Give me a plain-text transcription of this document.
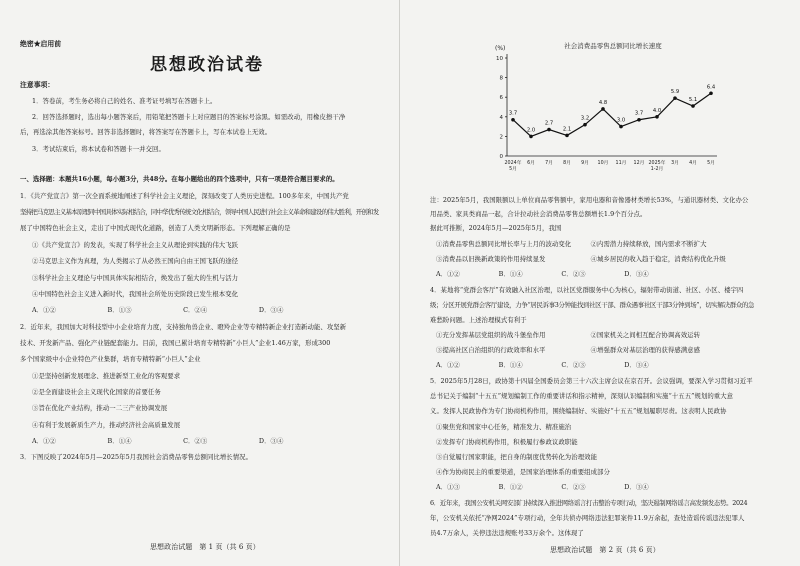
绝密★启用前
思想政治试卷
注意事项：
1．答卷前，考生务必将自己的姓名、准考证号填写在答题卡上。
2．回答选择题时，选出每小题答案后，用铅笔把答题卡上对应题目的答案标号涂黑。如需改动，用橡皮擦干净
后，再选涂其他答案标号。回答非选择题时，将答案写在答题卡上，写在本试卷上无效。
3．考试结束后，将本试卷和答题卡一并交回。
一、选择题：本题共16小题，每小题3分，共48分。在每小题给出的四个选项中，只有一项是符合题目要求的。
1．《共产党宣言》第一次全面系统地阐述了科学社会主义理论，深刻改变了人类历史进程。100多年来，中国共产党
坚持把马克思主义基本原理同中国具体实际相结合，同中华优秀传统文化相结合，领导中国人民进行社会主义革命和建设的伟大胜利，开创和发
展了中国特色社会主义，走出了中国式现代化道路，创造了人类文明新形态。下列理解正确的是
①《共产党宣言》的发表，实现了科学社会主义从理论到实践的伟大飞跃
②马克思主义作为真理，为人类揭示了从必然王国向自由王国飞跃的途径
③科学社会主义理论与中国具体实际相结合，焕发出了强大的生机与活力
④中国特色社会主义进入新时代，我国社会所处历史阶段已发生根本变化
A．①②　　　　　　　　B．①③　　　　　　　　C．②④　　　　　　　　D．③④
2．近年来，我国加大对科技型中小企业培育力度，支持独角兽企业、瞪羚企业等专精特新企业打造新动能、攻坚新
技术、开发新产品、强化产业链配套能力。目前，我国已累计培育专精特新“小巨人”企业1.46万家，形成300
多个国家级中小企业特色产业集群，培育专精特新“小巨人”企业
①是坚持创新发展理念、推进新型工业化的客观要求
②是全面建设社会主义现代化国家的首要任务
③旨在优化产业结构，推动一二三产业协调发展
④有利于发展新质生产力，推动经济社会高质量发展
A．①②　　　　　　　　B．①④　　　　　　　　C．②③　　　　　　　　D．③④
3．下图反映了2024年5月—2025年5月我国社会消费品零售总额同比增长情况。
思想政治试题　第 1 页（共 6 页）
社会消费品零售总额同比增长速度
(%)
10
8
6
4
2
0
2024年 5月
6月 7月 8月 9月 10月 11月 12月 2025年 1-2月
3月 4月 5月
3.7
2.0
2.7
2.1
3.2
4.8
3.0
3.7 4.0
5.9
5.1
6.4
注：2025年5月，我国限额以上单位商品零售额中，家用电器和音像器材类增长53%，与通讯器材类、文化办公
用品类、家具类商品一起，合计拉动社会消费品零售总额增长1.9个百分点。
据此可推断，2024年5月—2025年5月，我国
①消费品零售总额同比增长率与上月的波动变化　　　②内需潜力持续释放，国内需求不断扩大
③消费品以旧换新政策的作用持续显发　　　　　　　④城乡居民的收入趋于稳定，消费结构优化升级
A．①②　　　　　　B．①④　　　　　　C．②③　　　　　　D．③④
4．某地将“党群会客厅”有效融入社区治理，以社区党群服务中心为核心，辐射带动街道、社区、小区、楼宇四
级；分区开展党群会客厅建设，力争“居民诉事3分钟能找到社区干部、群众遇事社区干部3分钟到场”，切实解决群众的急
难愁盼问题。上述治理模式有利于
①充分发挥基层党组织的战斗堡垒作用　　　　　　　②国家机关之间相互配合协调高效运转
③提高社区自治组织的行政效率和水平　　　　　　　④增强群众对基层治理的获得感满意感
A．①②　　　　　　B．①④　　　　　　C．②③　　　　　　D．③④
5．2025年5月28日，政协第十四届全国委员会第三十六次主席会议在京召开。会议强调，要深入学习贯彻习近平
总书记关于编制“十五五”规划编制工作的重要讲话和指示精神，深刻认识编制和实施“十五五”规划的重大意
义。发挥人民政协作为专门协商机构作用，围绕编制好、实施好“十五五”规划履职尽责。这表明人民政协
①聚焦党和国家中心任务，精准发力、精准施治
②发挥专门协商机构作用，积极履行参政议政职能
③自觉履行国家职能，把自身的制度优势转化为治理效能
④作为协商民主的重要渠道，是国家治理体系的重要组成部分
A．①③　　　　　　B．①②　　　　　　C．②③　　　　　　D．③④
6．近年来，我国公安机关网安部门持续深入推进网络谣言打击整治专项行动，坚决遏制网络谣言高发频发态势。2024
年，公安机关依托“净网2024”专项行动，全年共侦办网络违法犯罪案件11.9万余起，查处造谣传谣违法犯罪人
员4.7万余人，关停违法违规账号33万余个。这体现了
思想政治试题　第 2 页（共 6 页）
